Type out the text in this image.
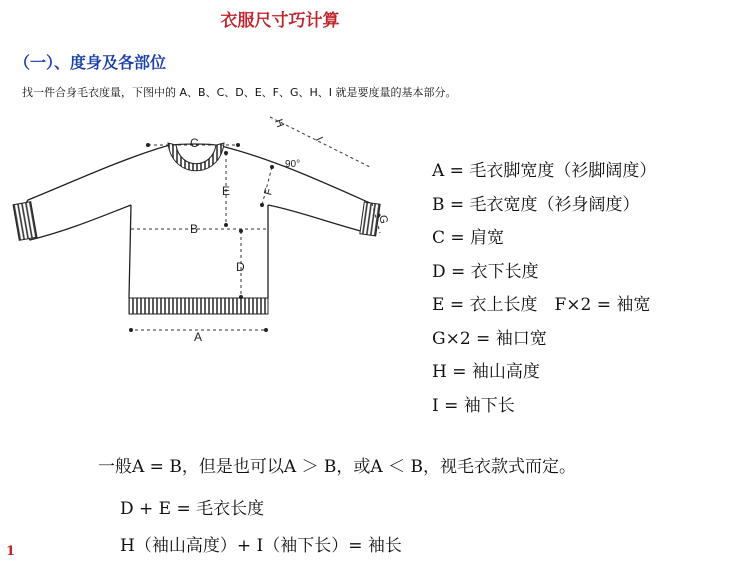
衣服尺寸巧计算
（一）、度身及各部位
找一件合身毛衣度量，下图中的 A、B、C、D、E、F、G、H、I 就是要度量的基本部分。
C
B
E
D
A
F
G
H
I
90°	A = 毛衣脚宽度（衫脚阔度）
B = 毛衣宽度（衫身阔度）
C = 肩宽
D = 衣下长度
E = 衣上长度　F×2 = 袖宽
G×2 = 袖口宽
H = 袖山高度
I = 袖下长
一般A = B，但是也可以A ＞ B，或A ＜ B，视毛衣款式而定。
D + E = 毛衣长度
H（袖山高度）+ I（袖下长）= 袖长
1
